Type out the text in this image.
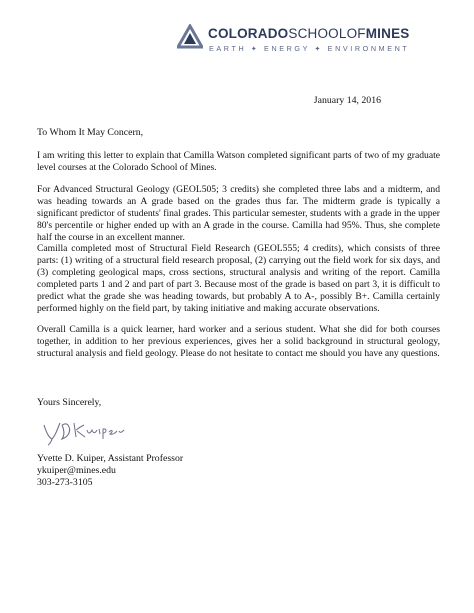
COLORADOSCHOOLOFMINES
EARTH ✦ ENERGY ✦ ENVIRONMENT
January 14, 2016
To Whom It May Concern,

I am writing this letter to explain that Camilla Watson completed significant parts of two of my graduate level courses at the Colorado School of Mines.

For Advanced Structural Geology (GEOL505; 3 credits) she completed three labs and a midterm, and was heading towards an A grade based on the grades thus far. The midterm grade is typically a significant predictor of students' final grades. This particular semester, students with a grade in the upper 80's percentile or higher ended up with an A grade in the course. Camilla had 95%. Thus, she complete half the course in an excellent manner.

Camilla completed most of Structural Field Research (GEOL555; 4 credits), which consists of three parts: (1) writing of a structural field research proposal, (2) carrying out the field work for six days, and (3) completing geological maps, cross sections, structural analysis and writing of the report. Camilla completed parts 1 and 2 and part of part 3. Because most of the grade is based on part 3, it is difficult to predict what the grade she was heading towards, but probably A to A-, possibly B+. Camilla certainly performed highly on the field part, by taking initiative and making accurate observations.

Overall Camilla is a quick learner, hard worker and a serious student. What she did for both courses together, in addition to her previous experiences, gives her a solid background in structural geology, structural analysis and field geology. Please do not hesitate to contact me should you have any questions.

Yours Sincerely,
Yvette D. Kuiper, Assistant Professor
ykuiper@mines.edu
303-273-3105
